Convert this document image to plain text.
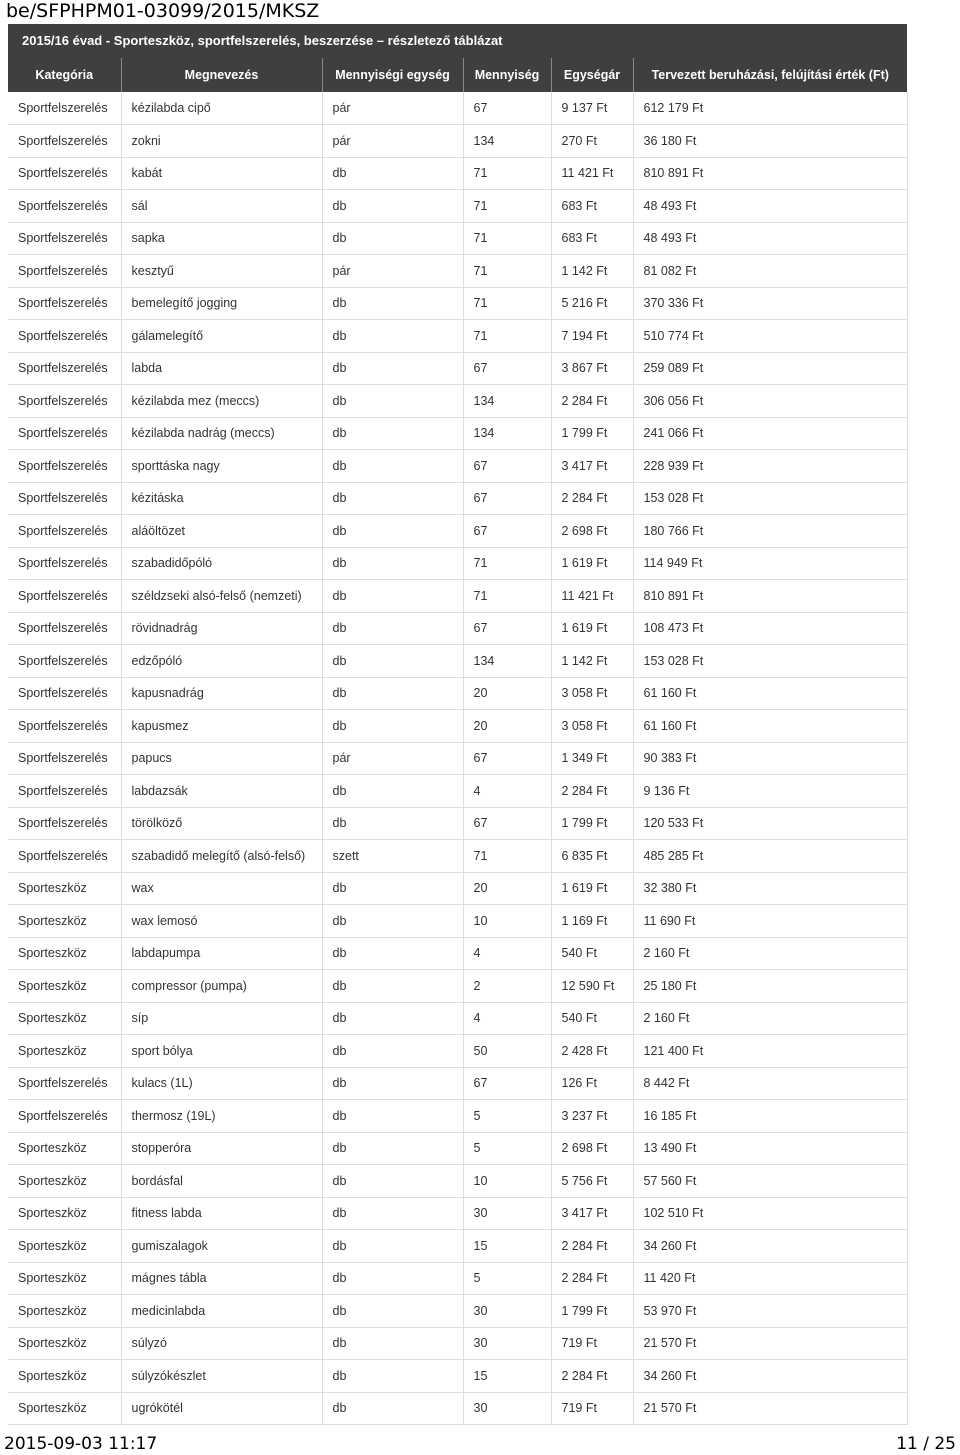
be/SFPHPM01-03099/2015/MKSZ
2015/16 évad - Sporteszköz, sportfelszerelés, beszerzése – részletező táblázat
Kategória	Megnevezés	Mennyiségi egység	Mennyiség	Egységár	Tervezett beruházási, felújítási érték (Ft)
Sportfelszerelés	kézilabda cipő	pár	67	9 137 Ft	612 179 Ft
Sportfelszerelés	zokni	pár	134	270 Ft	36 180 Ft
Sportfelszerelés	kabát	db	71	11 421 Ft	810 891 Ft
Sportfelszerelés	sál	db	71	683 Ft	48 493 Ft
Sportfelszerelés	sapka	db	71	683 Ft	48 493 Ft
Sportfelszerelés	kesztyű	pár	71	1 142 Ft	81 082 Ft
Sportfelszerelés	bemelegítő jogging	db	71	5 216 Ft	370 336 Ft
Sportfelszerelés	gálamelegítő	db	71	7 194 Ft	510 774 Ft
Sportfelszerelés	labda	db	67	3 867 Ft	259 089 Ft
Sportfelszerelés	kézilabda mez (meccs)	db	134	2 284 Ft	306 056 Ft
Sportfelszerelés	kézilabda nadrág (meccs)	db	134	1 799 Ft	241 066 Ft
Sportfelszerelés	sporttáska nagy	db	67	3 417 Ft	228 939 Ft
Sportfelszerelés	kézitáska	db	67	2 284 Ft	153 028 Ft
Sportfelszerelés	aláöltözet	db	67	2 698 Ft	180 766 Ft
Sportfelszerelés	szabadidőpóló	db	71	1 619 Ft	114 949 Ft
Sportfelszerelés	széldzseki alsó-felső (nemzeti)	db	71	11 421 Ft	810 891 Ft
Sportfelszerelés	rövidnadrág	db	67	1 619 Ft	108 473 Ft
Sportfelszerelés	edzőpóló	db	134	1 142 Ft	153 028 Ft
Sportfelszerelés	kapusnadrág	db	20	3 058 Ft	61 160 Ft
Sportfelszerelés	kapusmez	db	20	3 058 Ft	61 160 Ft
Sportfelszerelés	papucs	pár	67	1 349 Ft	90 383 Ft
Sportfelszerelés	labdazsák	db	4	2 284 Ft	9 136 Ft
Sportfelszerelés	törölköző	db	67	1 799 Ft	120 533 Ft
Sportfelszerelés	szabadidő melegítő (alsó-felső)	szett	71	6 835 Ft	485 285 Ft
Sporteszköz	wax	db	20	1 619 Ft	32 380 Ft
Sporteszköz	wax lemosó	db	10	1 169 Ft	11 690 Ft
Sporteszköz	labdapumpa	db	4	540 Ft	2 160 Ft
Sporteszköz	compressor (pumpa)	db	2	12 590 Ft	25 180 Ft
Sporteszköz	síp	db	4	540 Ft	2 160 Ft
Sporteszköz	sport bólya	db	50	2 428 Ft	121 400 Ft
Sportfelszerelés	kulacs (1L)	db	67	126 Ft	8 442 Ft
Sportfelszerelés	thermosz (19L)	db	5	3 237 Ft	16 185 Ft
Sporteszköz	stopperóra	db	5	2 698 Ft	13 490 Ft
Sporteszköz	bordásfal	db	10	5 756 Ft	57 560 Ft
Sporteszköz	fitness labda	db	30	3 417 Ft	102 510 Ft
Sporteszköz	gumiszalagok	db	15	2 284 Ft	34 260 Ft
Sporteszköz	mágnes tábla	db	5	2 284 Ft	11 420 Ft
Sporteszköz	medicinlabda	db	30	1 799 Ft	53 970 Ft
Sporteszköz	súlyzó	db	30	719 Ft	21 570 Ft
Sporteszköz	súlyzókészlet	db	15	2 284 Ft	34 260 Ft
Sporteszköz	ugrókötél	db	30	719 Ft	21 570 Ft
2015-09-03 11:17	11 / 25
